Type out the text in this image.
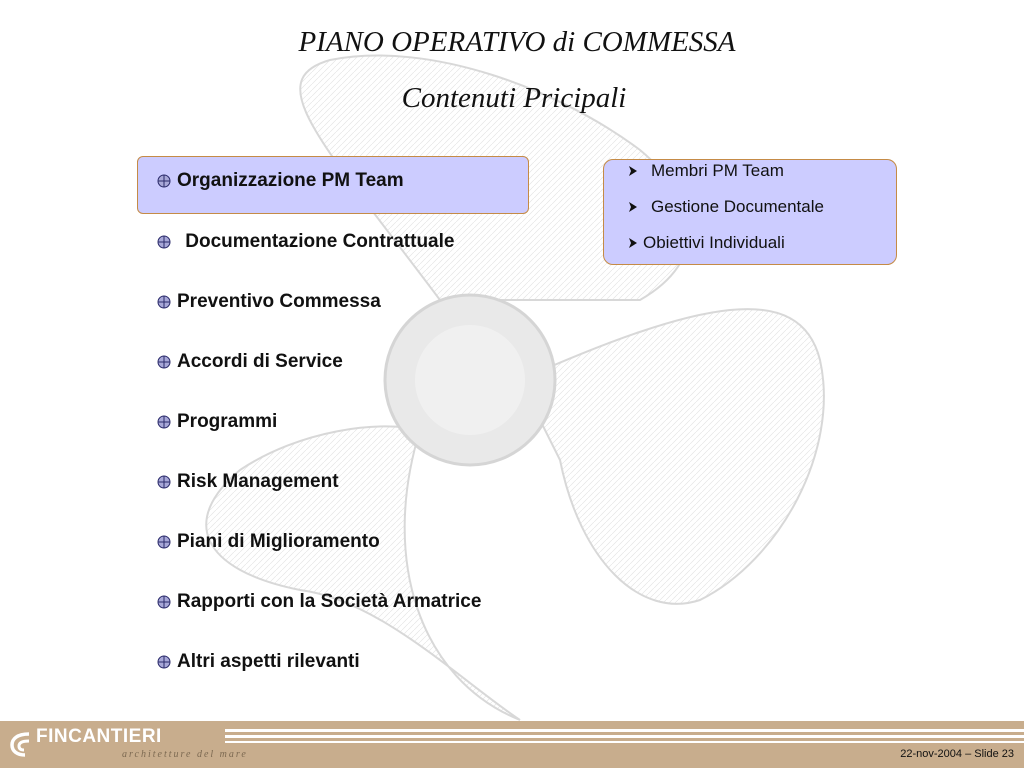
PIANO OPERATIVO di COMMESSA
Contenuti Pricipali
Organizzazione PM Team
Documentazione Contrattuale
Preventivo Commessa
Accordi di Service
Programmi
Risk Management
Piani di Miglioramento
Rapporti con la Società Armatrice
Altri aspetti rilevanti
Membri PM Team
Gestione Documentale
Obiettivi Individuali
FINCANTIERI
architetture del mare	22-nov-2004 – Slide 23
